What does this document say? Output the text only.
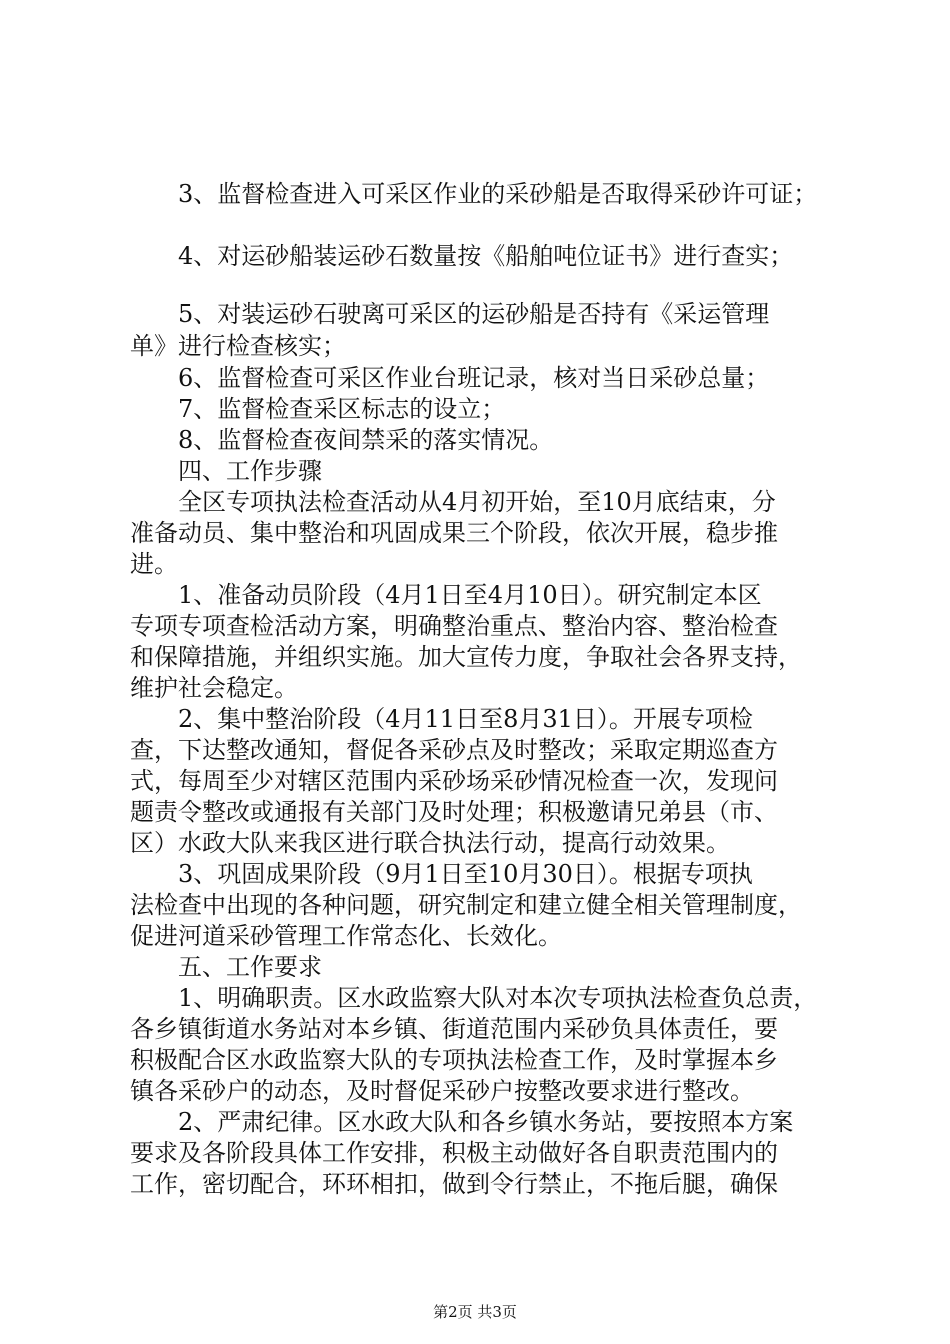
3、监督检查进入可采区作业的采砂船是否取得采砂许可证；
4、对运砂船装运砂石数量按《船舶吨位证书》进行查实；
5、对装运砂石驶离可采区的运砂船是否持有《采运管理
单》进行检查核实；
6、监督检查可采区作业台班记录，核对当日采砂总量；
7、监督检查采区标志的设立；
8、监督检查夜间禁采的落实情况。
四、工作步骤
全区专项执法检查活动从4月初开始，至10月底结束，分
准备动员、集中整治和巩固成果三个阶段，依次开展，稳步推
进。
1、准备动员阶段（4月1日至4月10日）。研究制定本区
专项专项查检活动方案，明确整治重点、整治内容、整治检查
和保障措施，并组织实施。加大宣传力度，争取社会各界支持，
维护社会稳定。
2、集中整治阶段（4月11日至8月31日）。开展专项检
查，下达整改通知，督促各采砂点及时整改；采取定期巡查方
式，每周至少对辖区范围内采砂场采砂情况检查一次，发现问
题责令整改或通报有关部门及时处理；积极邀请兄弟县（市、
区）水政大队来我区进行联合执法行动，提高行动效果。
3、巩固成果阶段（9月1日至10月30日）。根据专项执
法检查中出现的各种问题，研究制定和建立健全相关管理制度，
促进河道采砂管理工作常态化、长效化。
五、工作要求
1、明确职责。区水政监察大队对本次专项执法检查负总责，
各乡镇街道水务站对本乡镇、街道范围内采砂负具体责任，要
积极配合区水政监察大队的专项执法检查工作，及时掌握本乡
镇各采砂户的动态，及时督促采砂户按整改要求进行整改。
2、严肃纪律。区水政大队和各乡镇水务站，要按照本方案
要求及各阶段具体工作安排，积极主动做好各自职责范围内的
工作，密切配合，环环相扣，做到令行禁止，不拖后腿，确保
第2页 共3页
